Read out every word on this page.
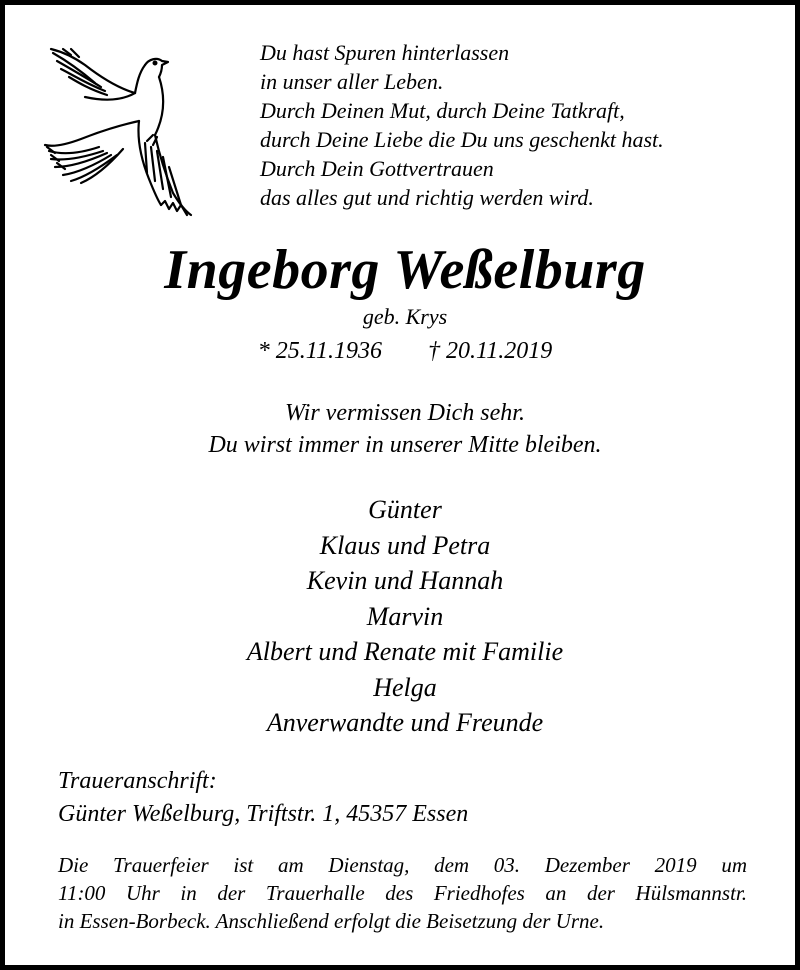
Du hast Spuren hinterlassen
in unser aller Leben.
Durch Deinen Mut, durch Deine Tatkraft,
durch Deine Liebe die Du uns geschenkt hast.
Durch Dein Gottvertrauen
das alles gut und richtig werden wird.
Ingeborg Weßelburg
geb. Krys
* 25.11.1936 † 20.11.2019
Wir vermissen Dich sehr.
Du wirst immer in unserer Mitte bleiben.
Günter
Klaus und Petra
Kevin und Hannah
Marvin
Albert und Renate mit Familie
Helga
Anverwandte und Freunde
Traueranschrift:
Günter Weßelburg, Triftstr. 1, 45357 Essen
Die Trauerfeier ist am Dienstag, dem 03. Dezember 2019 um
11:00 Uhr in der Trauerhalle des Friedhofes an der Hülsmannstr.
in Essen-Borbeck. Anschließend erfolgt die Beisetzung der Urne.
